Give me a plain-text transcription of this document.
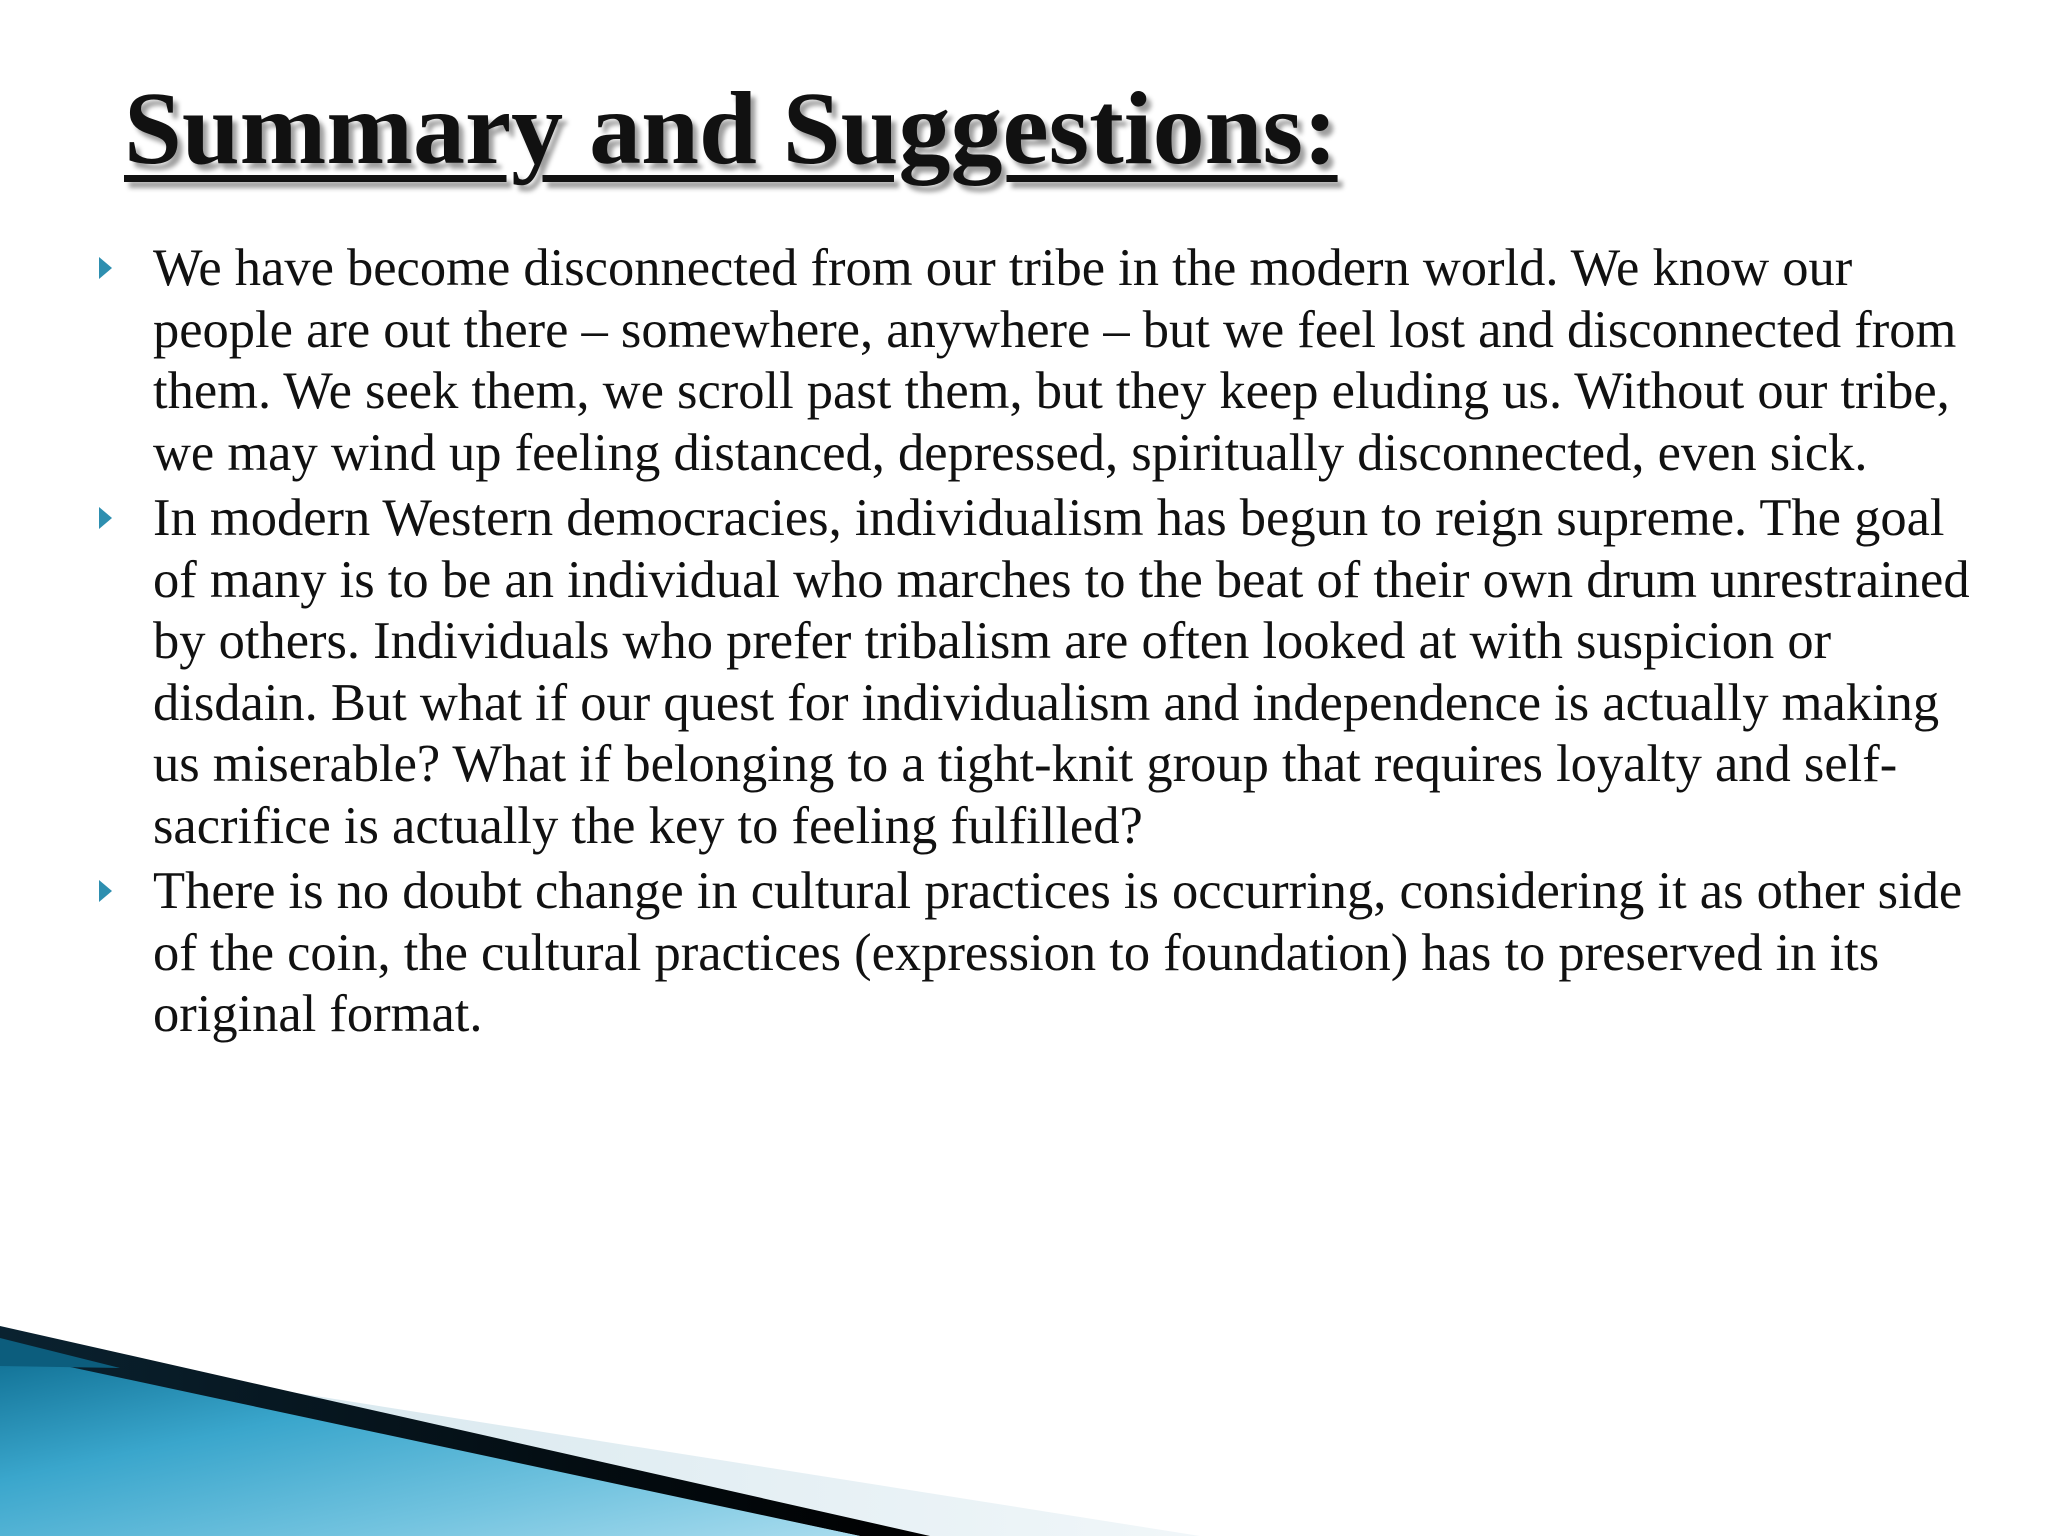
Summary and Suggestions:
We have become disconnected from our tribe in the modern world. We know our people are out there – somewhere, anywhere – but we feel lost and disconnected from them. We seek them, we scroll past them, but they keep eluding us. Without our tribe, we may wind up feeling distanced, depressed, spiritually disconnected, even sick.
In modern Western democracies, individualism has begun to reign supreme. The goal of many is to be an individual who marches to the beat of their own drum unrestrained by others. Individuals who prefer tribalism are often looked at with suspicion or disdain. But what if our quest for individualism and independence is actually making us miserable? What if belonging to a tight-knit group that requires loyalty and self-sacrifice is actually the key to feeling fulfilled?
There is no doubt change in cultural practices is occurring, considering it as other side of the coin, the cultural practices (expression to foundation) has to preserved in its original format.
